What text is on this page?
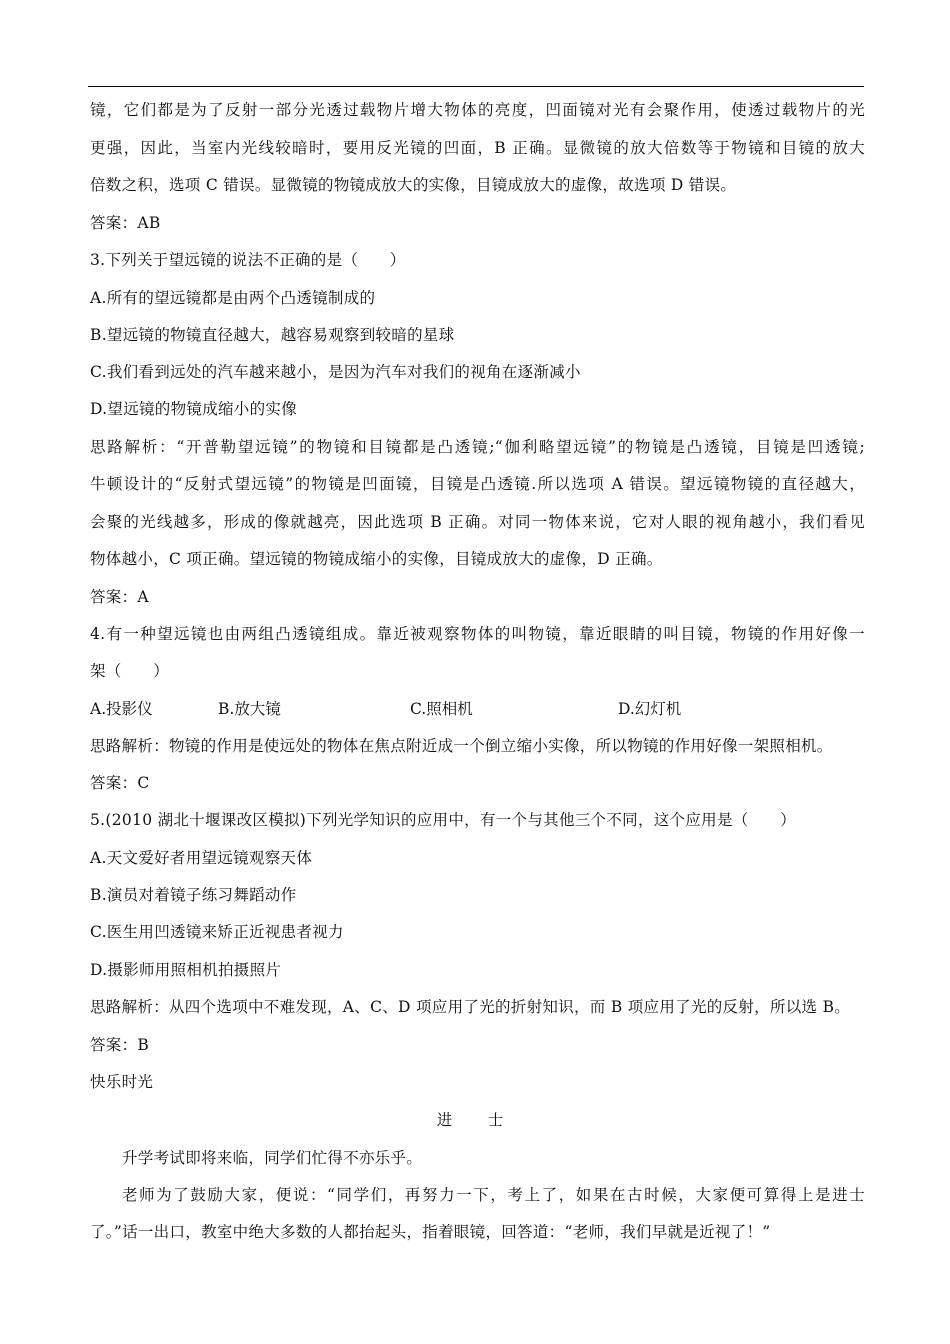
镜，它们都是为了反射一部分光透过载物片增大物体的亮度，凹面镜对光有会聚作用，使透过载物片的光
更强，因此，当室内光线较暗时，要用反光镜的凹面，B 正确。显微镜的放大倍数等于物镜和目镜的放大
倍数之积，选项 C 错误。显微镜的物镜成放大的实像，目镜成放大的虚像，故选项 D 错误。
答案：AB
3.下列关于望远镜的说法不正确的是（　　）
A.所有的望远镜都是由两个凸透镜制成的
B.望远镜的物镜直径越大，越容易观察到较暗的星球
C.我们看到远处的汽车越来越小，是因为汽车对我们的视角在逐渐减小
D.望远镜的物镜成缩小的实像
思路解析：“开普勒望远镜”的物镜和目镜都是凸透镜;“伽利略望远镜”的物镜是凸透镜，目镜是凹透镜;
牛顿设计的“反射式望远镜”的物镜是凹面镜，目镜是凸透镜.所以选项 A 错误。望远镜物镜的直径越大，
会聚的光线越多，形成的像就越亮，因此选项 B 正确。对同一物体来说，它对人眼的视角越小，我们看见
物体越小，C 项正确。望远镜的物镜成缩小的实像，目镜成放大的虚像，D 正确。
答案：A
4.有一种望远镜也由两组凸透镜组成。靠近被观察物体的叫物镜，靠近眼睛的叫目镜，物镜的作用好像一
架（　　）
A.投影仪	B.放大镜	C.照相机	D.幻灯机
思路解析：物镜的作用是使远处的物体在焦点附近成一个倒立缩小实像，所以物镜的作用好像一架照相机。
答案：C
5.(2010 湖北十堰课改区模拟)下列光学知识的应用中，有一个与其他三个不同，这个应用是（　　）
A.天文爱好者用望远镜观察天体
B.演员对着镜子练习舞蹈动作
C.医生用凹透镜来矫正近视患者视力
D.摄影师用照相机拍摄照片
思路解析：从四个选项中不难发现，A、C、D 项应用了光的折射知识，而 B 项应用了光的反射，所以选 B。
答案：B
快乐时光
进　士
升学考试即将来临，同学们忙得不亦乐乎。
老师为了鼓励大家，便说：“同学们，再努力一下，考上了，如果在古时候，大家便可算得上是进士
了。”话一出口，教室中绝大多数的人都抬起头，指着眼镜，回答道：“老师，我们早就是近视了！”
